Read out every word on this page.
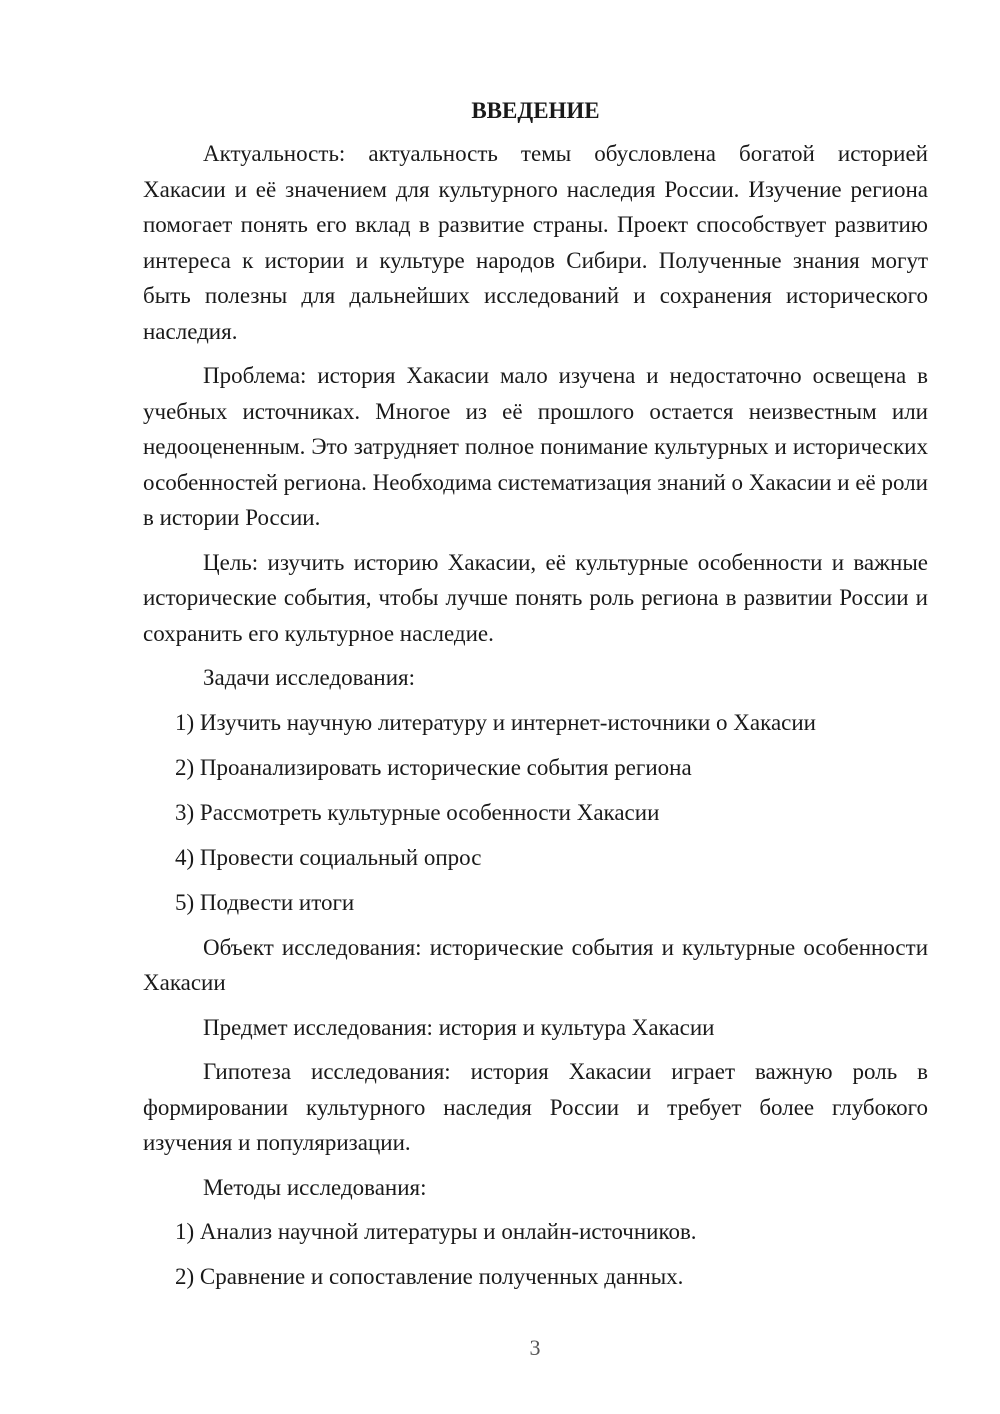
ВВЕДЕНИЕ

Актуальность: актуальность темы обусловлена богатой историей Хакасии и её значением для культурного наследия России. Изучение региона помогает понять его вклад в развитие страны. Проект способствует развитию интереса к истории и культуре народов Сибири. Полученные знания могут быть полезны для дальнейших исследований и сохранения исторического наследия.

Проблема: история Хакасии мало изучена и недостаточно освещена в учебных источниках. Многое из её прошлого остается неизвестным или недооцененным. Это затрудняет полное понимание культурных и исторических особенностей региона. Необходима систематизация знаний о Хакасии и её роли в истории России.

Цель: изучить историю Хакасии, её культурные особенности и важные исторические события, чтобы лучше понять роль региона в развитии России и сохранить его культурное наследие.

Задачи исследования:
1) Изучить научную литературу и интернет-источники о Хакасии
2) Проанализировать исторические события региона
3) Рассмотреть культурные особенности Хакасии
4) Провести социальный опрос
5) Подвести итоги

Объект исследования: исторические события и культурные особенности Хакасии

Предмет исследования: история и культура Хакасии

Гипотеза исследования: история Хакасии играет важную роль в формировании культурного наследия России и требует более глубокого изучения и популяризации.

Методы исследования:
1) Анализ научной литературы и онлайн-источников.
2) Сравнение и сопоставление полученных данных.
3
